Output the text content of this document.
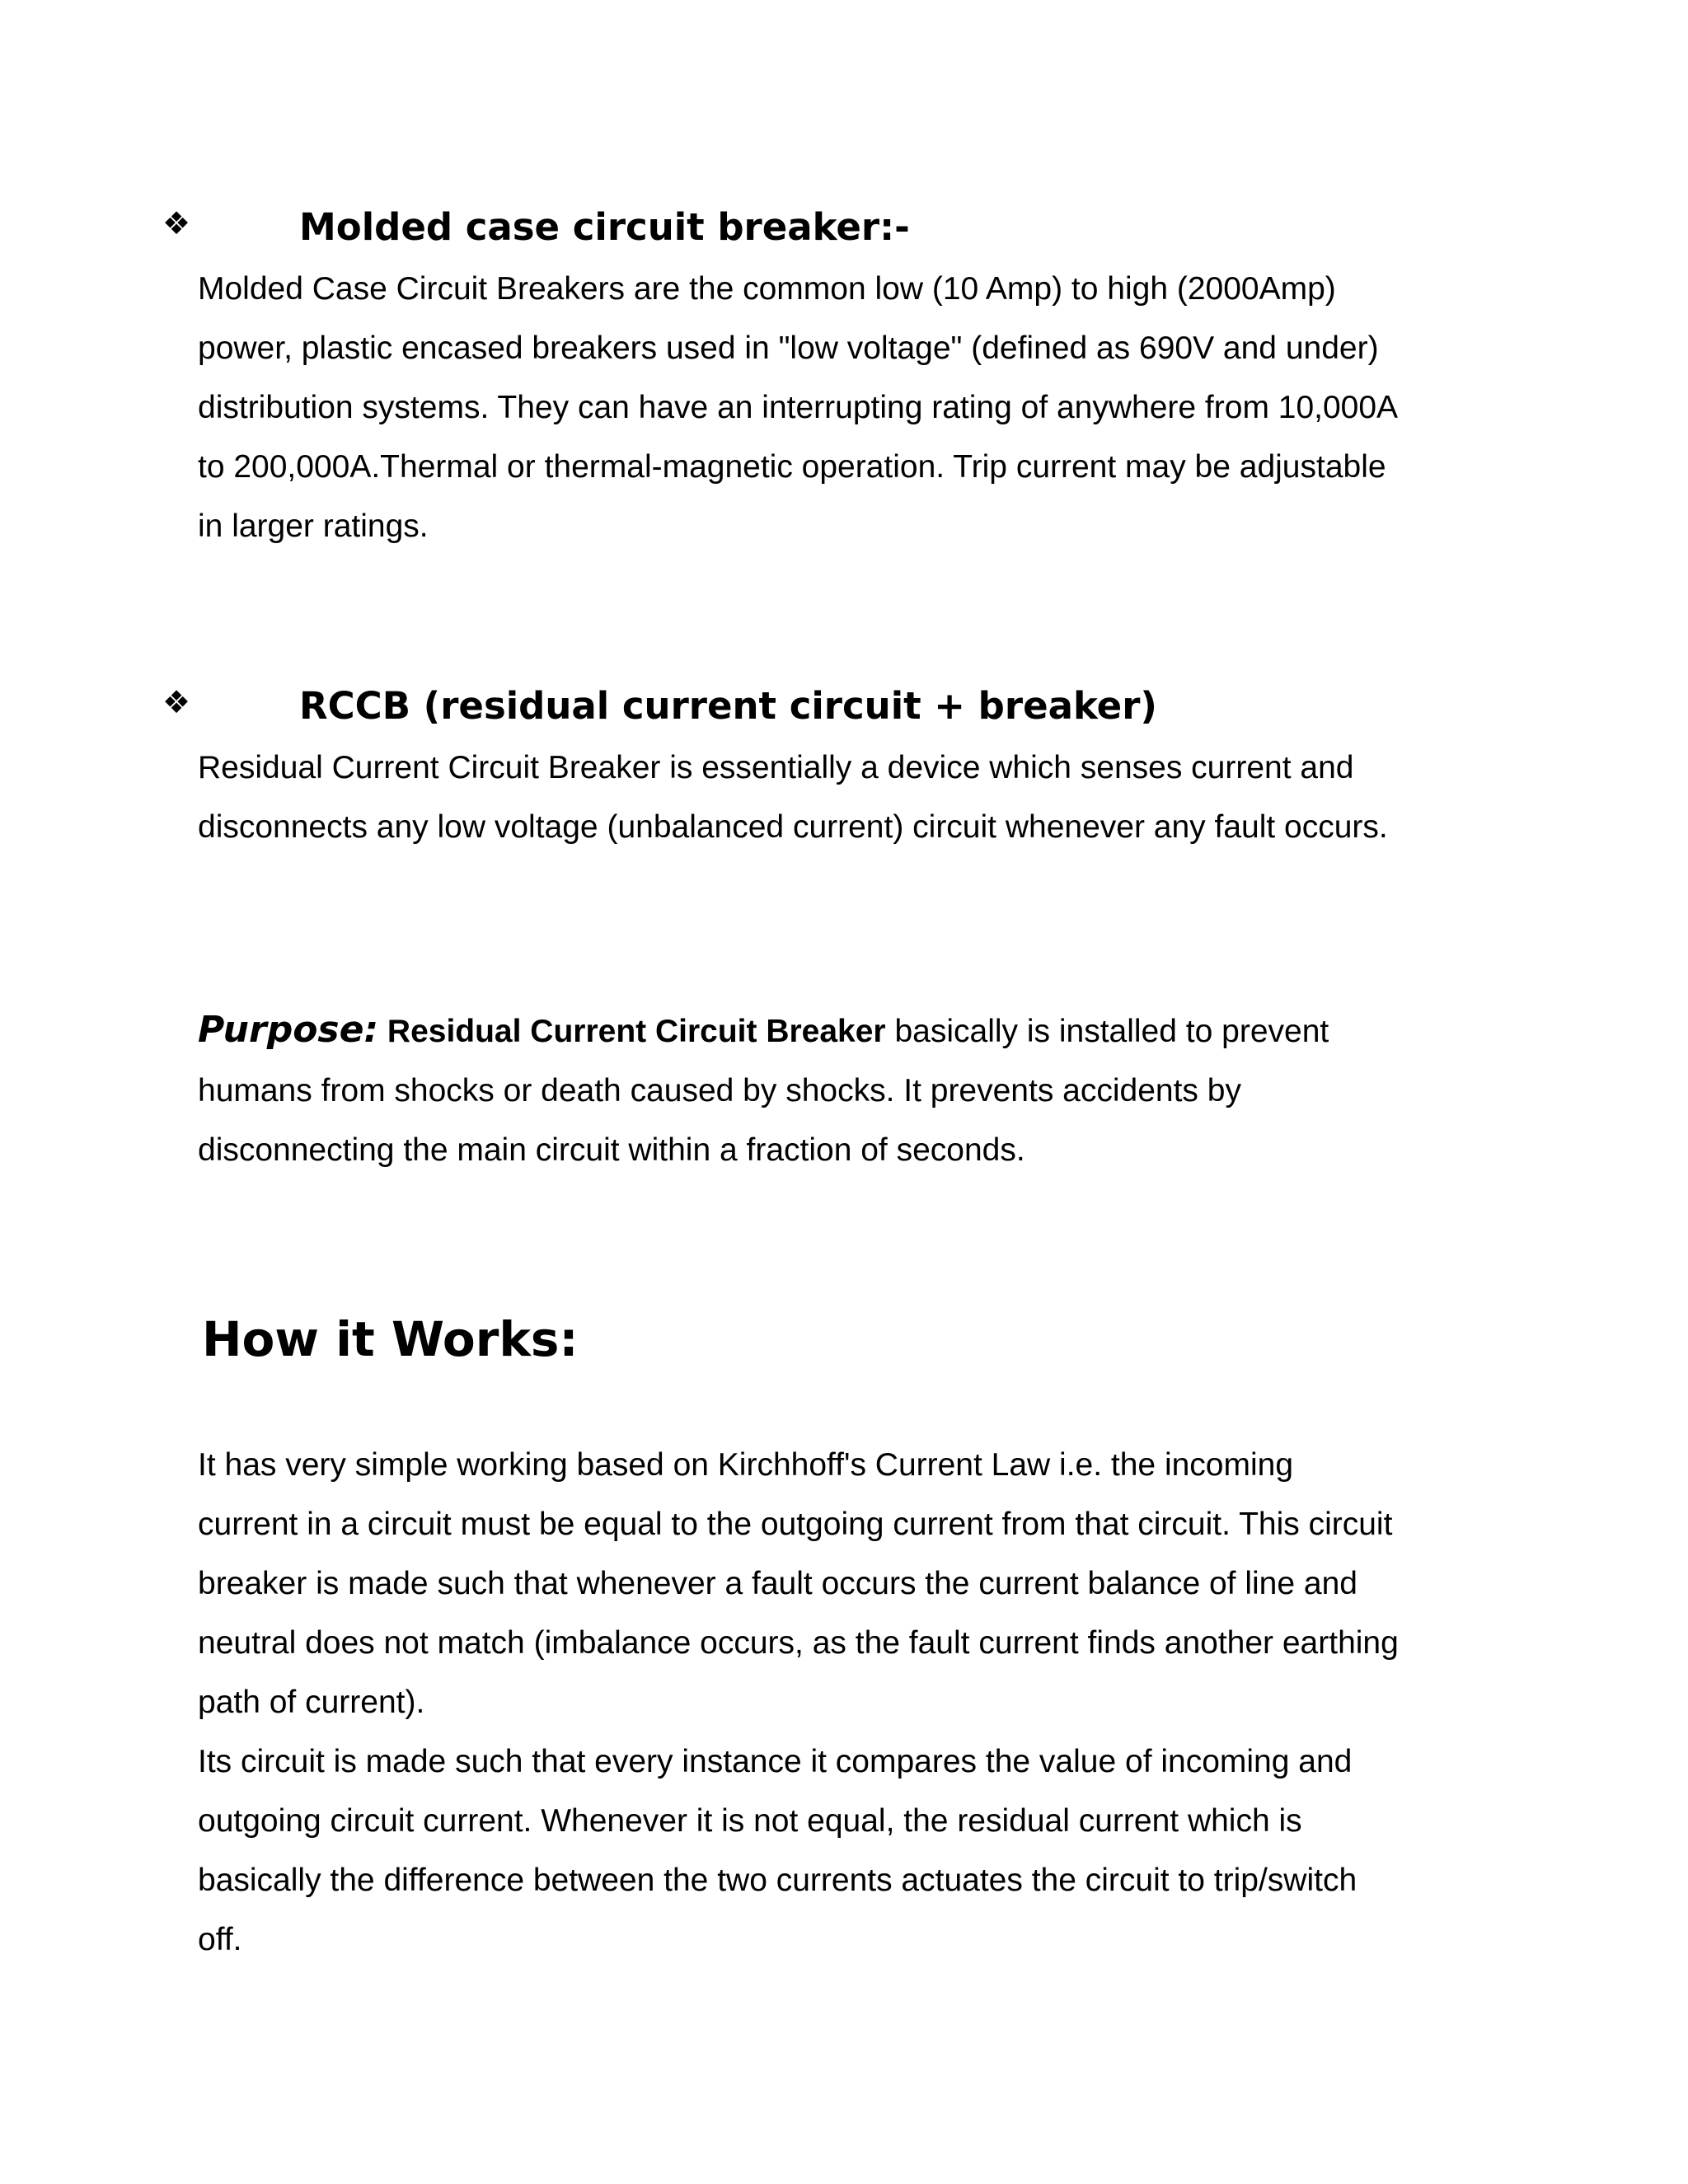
❖	Molded case circuit breaker:-

Molded Case Circuit Breakers are the common low (10 Amp) to high (2000Amp) power, plastic encased breakers used in "low voltage" (defined as 690V and under) distribution systems. They can have an interrupting rating of anywhere from 10,000A to 200,000A.Thermal or thermal-magnetic operation. Trip current may be adjustable in larger ratings.

❖	RCCB (residual current circuit + breaker)

Residual Current Circuit Breaker is essentially a device which senses current and disconnects any low voltage (unbalanced current) circuit whenever any fault occurs.

Purpose: Residual Current Circuit Breaker basically is installed to prevent humans from shocks or death caused by shocks. It prevents accidents by disconnecting the main circuit within a fraction of seconds.

How it Works:

It has very simple working based on Kirchhoff's Current Law i.e. the incoming current in a circuit must be equal to the outgoing current from that circuit. This circuit breaker is made such that whenever a fault occurs the current balance of line and neutral does not match (imbalance occurs, as the fault current finds another earthing path of current).

Its circuit is made such that every instance it compares the value of incoming and outgoing circuit current. Whenever it is not equal, the residual current which is basically the difference between the two currents actuates the circuit to trip/switch off.
